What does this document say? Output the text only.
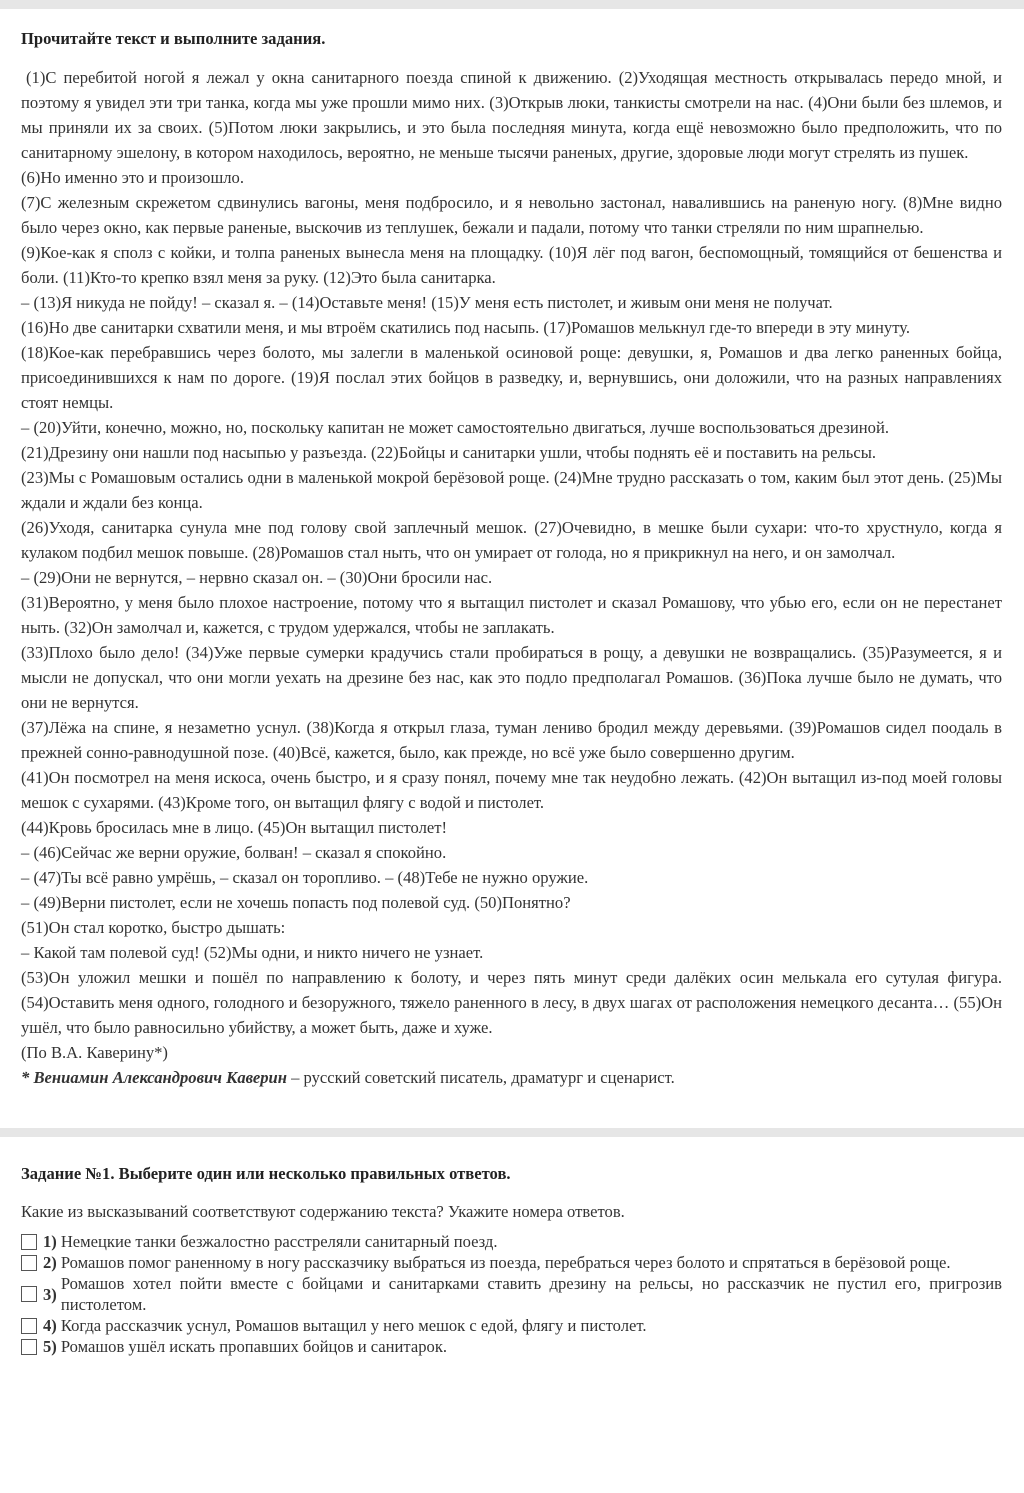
Прочитайте текст и выполните задания.

(1)С перебитой ногой я лежал у окна санитарного поезда спиной к движению. (2)Уходящая местность открывалась передо мной, и поэтому я увидел эти три танка, когда мы уже прошли мимо них. (3)Открыв люки, танкисты смотрели на нас. (4)Они были без шлемов, и мы приняли их за своих. (5)Потом люки закрылись, и это была последняя минута, когда ещё невозможно было предположить, что по санитарному эшелону, в котором находилось, вероятно, не меньше тысячи раненых, другие, здоровые люди могут стрелять из пушек.

(6)Но именно это и произошло.

(7)С железным скрежетом сдвинулись вагоны, меня подбросило, и я невольно застонал, навалившись на раненую ногу. (8)Мне видно было через окно, как первые раненые, выскочив из теплушек, бежали и падали, потому что танки стреляли по ним шрапнелью.

(9)Кое-как я сполз с койки, и толпа раненых вынесла меня на площадку. (10)Я лёг под вагон, беспомощный, томящийся от бешенства и боли. (11)Кто-то крепко взял меня за руку. (12)Это была санитарка.

– (13)Я никуда не пойду! – сказал я. – (14)Оставьте меня! (15)У меня есть пистолет, и живым они меня не получат.

(16)Но две санитарки схватили меня, и мы втроём скатились под насыпь. (17)Ромашов мелькнул где-то впереди в эту минуту.

(18)Кое-как перебравшись через болото, мы залегли в маленькой осиновой роще: девушки, я, Ромашов и два легко раненных бойца, присоединившихся к нам по дороге. (19)Я послал этих бойцов в разведку, и, вернувшись, они доложили, что на разных направлениях стоят немцы.

– (20)Уйти, конечно, можно, но, поскольку капитан не может самостоятельно двигаться, лучше воспользоваться дрезиной.

(21)Дрезину они нашли под насыпью у разъезда. (22)Бойцы и санитарки ушли, чтобы поднять её и поставить на рельсы.

(23)Мы с Ромашовым остались одни в маленькой мокрой берёзовой роще. (24)Мне трудно рассказать о том, каким был этот день. (25)Мы ждали и ждали без конца.

(26)Уходя, санитарка сунула мне под голову свой заплечный мешок. (27)Очевидно, в мешке были сухари: что-то хрустнуло, когда я кулаком подбил мешок повыше. (28)Ромашов стал ныть, что он умирает от голода, но я прикрикнул на него, и он замолчал.

– (29)Они не вернутся, – нервно сказал он. – (30)Они бросили нас.

(31)Вероятно, у меня было плохое настроение, потому что я вытащил пистолет и сказал Ромашову, что убью его, если он не перестанет ныть. (32)Он замолчал и, кажется, с трудом удержался, чтобы не заплакать.

(33)Плохо было дело! (34)Уже первые сумерки крадучись стали пробираться в рощу, а девушки не возвращались. (35)Разумеется, я и мысли не допускал, что они могли уехать на дрезине без нас, как это подло предполагал Ромашов. (36)Пока лучше было не думать, что они не вернутся.

(37)Лёжа на спине, я незаметно уснул. (38)Когда я открыл глаза, туман лениво бродил между деревьями. (39)Ромашов сидел поодаль в прежней сонно-равнодушной позе. (40)Всё, кажется, было, как прежде, но всё уже было совершенно другим.

(41)Он посмотрел на меня искоса, очень быстро, и я сразу понял, почему мне так неудобно лежать. (42)Он вытащил из-под моей головы мешок с сухарями. (43)Кроме того, он вытащил флягу с водой и пистолет.

(44)Кровь бросилась мне в лицо. (45)Он вытащил пистолет!

– (46)Сейчас же верни оружие, болван! – сказал я спокойно.

– (47)Ты всё равно умрёшь, – сказал он торопливо. – (48)Тебе не нужно оружие.

– (49)Верни пистолет, если не хочешь попасть под полевой суд. (50)Понятно?

(51)Он стал коротко, быстро дышать:

– Какой там полевой суд! (52)Мы одни, и никто ничего не узнает.

(53)Он уложил мешки и пошёл по направлению к болоту, и через пять минут среди далёких осин мелькала его сутулая фигура. (54)Оставить меня одного, голодного и безоружного, тяжело раненного в лесу, в двух шагах от расположения немецкого десанта… (55)Он ушёл, что было равносильно убийству, а может быть, даже и хуже.

(По В.А. Каверину*)

* Вениамин Александрович Каверин – русский советский писатель, драматург и сценарист.

Задание №1. Выберите один или несколько правильных ответов.
Какие из высказываний соответствуют содержанию текста? Укажите номера ответов.
1) Немецкие танки безжалостно расстреляли санитарный поезд.
2) Ромашов помог раненному в ногу рассказчику выбраться из поезда, перебраться через болото и спрятаться в берёзовой роще.
3)
Ромашов хотел пойти вместе с бойцами и санитарками ставить дрезину на рельсы, но рассказчик не пустил его, пригрозив пистолетом.
4) Когда рассказчик уснул, Ромашов вытащил у него мешок с едой, флягу и пистолет.
5) Ромашов ушёл искать пропавших бойцов и санитарок.
